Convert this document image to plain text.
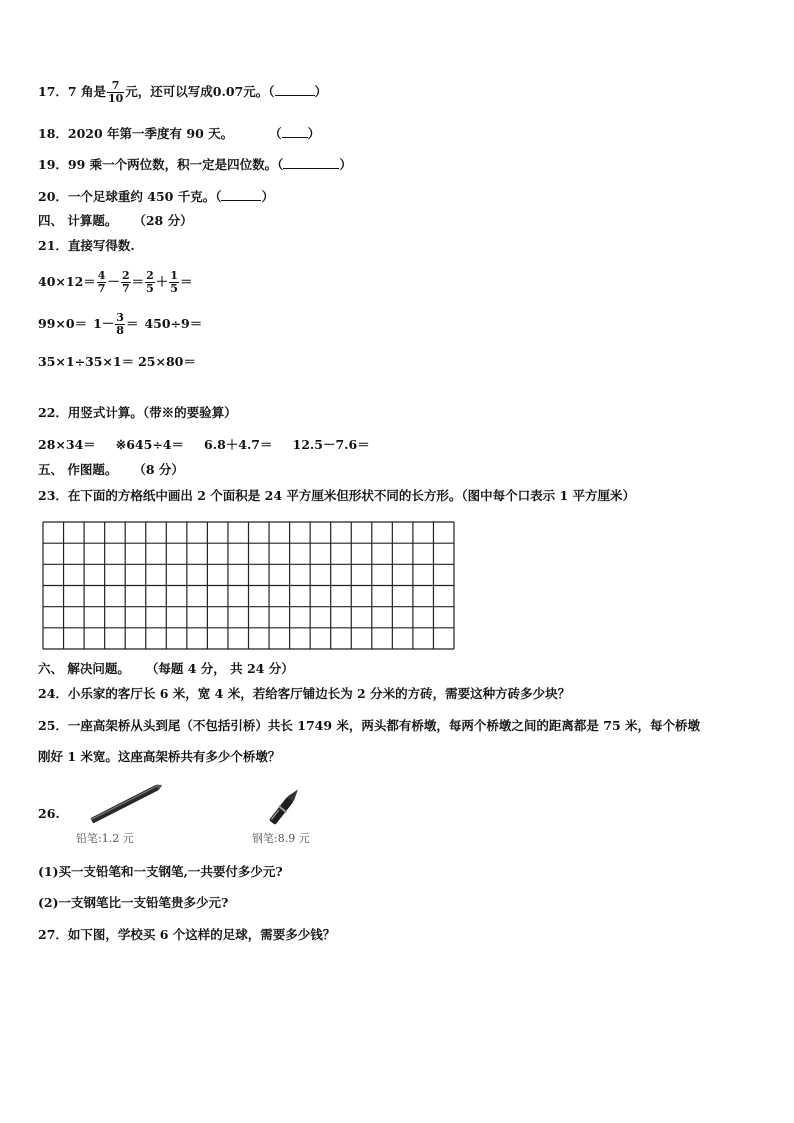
17．7 角是 $\frac{7}{10}$ 元，还可以写成0.07元。（	）
18．2020 年第一季度有 90 天。	（ ）
19．99 乘一个两位数，积一定是四位数。（	）
20．一个足球重约 450 千克。（	）
四、 计算题。 （28 分）
21．直接写得数.
$40\times 12= \frac{4}{7} - \frac{2}{7} = \frac{2}{5} + \frac{1}{5}$ ＝
$99\times 0= 1- \frac{3}{8} = 450\div 9=$
35×1÷35×1＝ 25×80＝
22．用竖式计算。（带※的要验算）
28×34＝ ※645÷4＝ 6.8＋4.7＝ 12.5－7.6＝
五、 作图题。 （8 分）
23．在下面的方格纸中画出 2 个面积是 24 平方厘米但形状不同的长方形。（图中每个口表示 1 平方厘米）
六、 解决问题。 （每题 4 分， 共 24 分）
24．小乐家的客厅长 6 米，宽 4 米，若给客厅铺边长为 2 分米的方砖，需要这种方砖多少块？
25．一座高架桥从头到尾（不包括引桥）共长 1749 米，两头都有桥墩，每两个桥墩之间的距离都是 75 米，每个桥墩
刚好 1 米宽。这座高架桥共有多少个桥墩？
26.
铅笔:1.2 元	钢笔:8.9 元
(1)买一支铅笔和一支钢笔,一共要付多少元?
(2)一支钢笔比一支铅笔贵多少元?
27．如下图，学校买 6 个这样的足球，需要多少钱？
